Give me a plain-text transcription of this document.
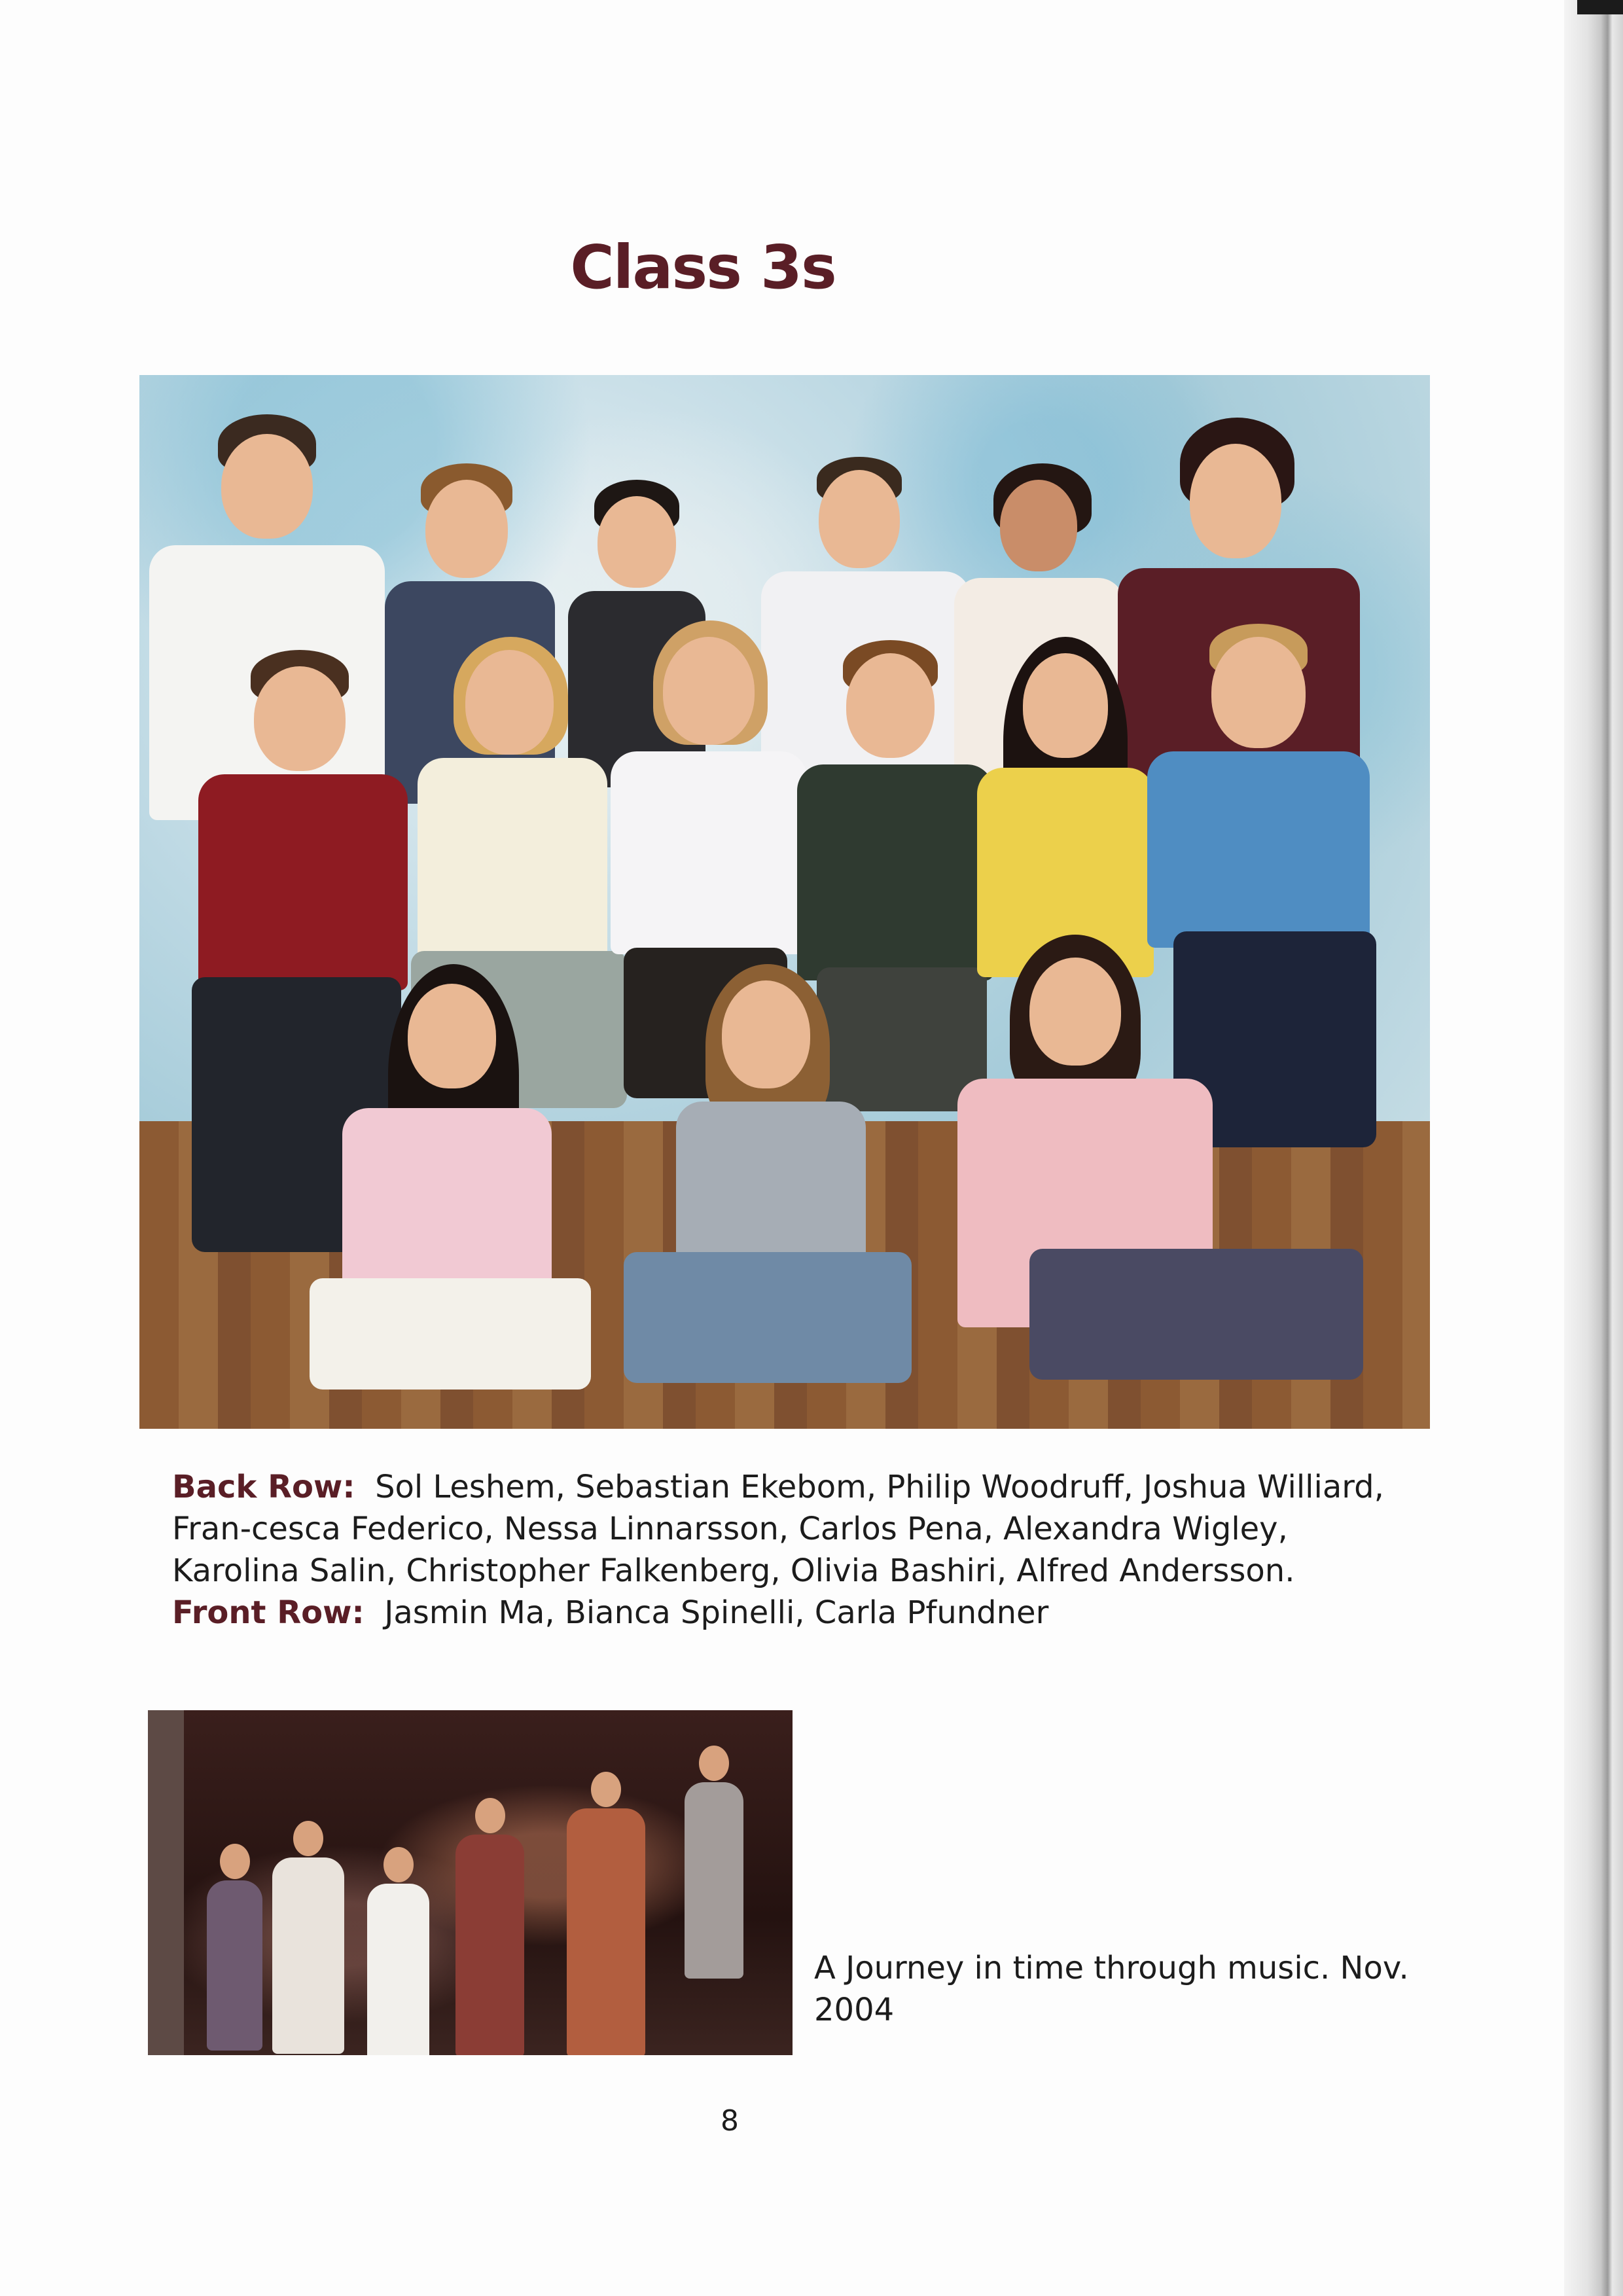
Class 3s

Back Row: Sol Leshem, Sebastian Ekebom, Philip Woodruff, Joshua Williard, Fran-cesca Federico, Nessa Linnarsson, Carlos Pena, Alexandra Wigley, Karolina Salin, Christopher Falkenberg, Olivia Bashiri, Alfred Andersson.  Front Row: Jasmin Ma, Bianca Spinelli, Carla Pfundner

A Journey in time through music. Nov. 2004

8
